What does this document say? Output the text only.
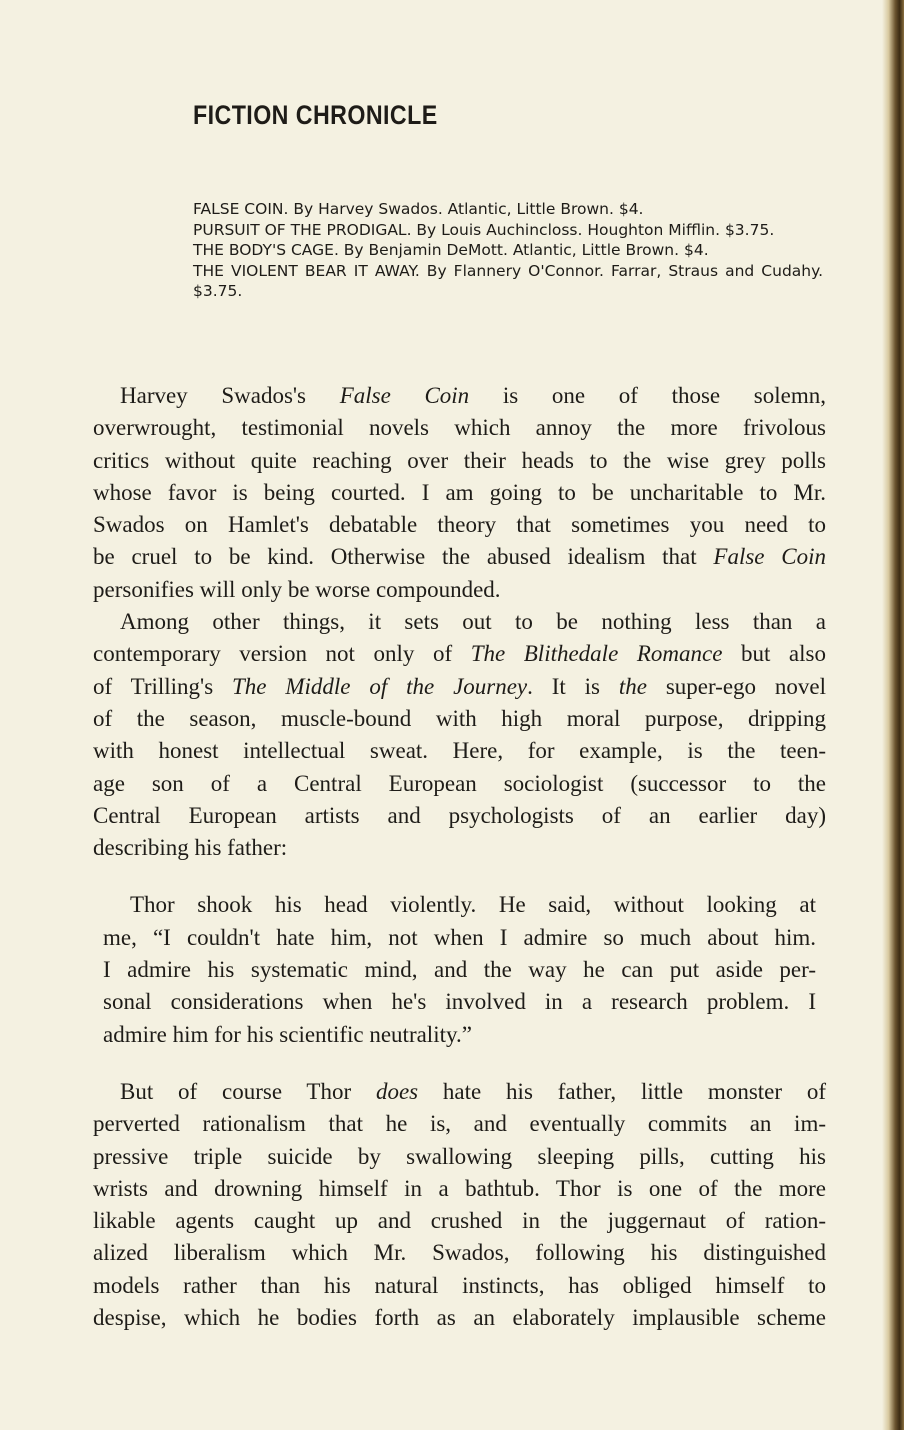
FICTION CHRONICLE
FALSE COIN. By Harvey Swados. Atlantic, Little Brown. $4.
PURSUIT OF THE PRODIGAL. By Louis Auchincloss. Houghton Mifflin. $3.75.
THE BODY'S CAGE. By Benjamin DeMott. Atlantic, Little Brown. $4.
THE VIOLENT BEAR IT AWAY. By Flannery O'Connor. Farrar, Straus and Cudahy. $3.75.
Harvey Swados's False Coin is one of those solemn,
overwrought, testimonial novels which annoy the more frivolous
critics without quite reaching over their heads to the wise grey polls
whose favor is being courted. I am going to be uncharitable to Mr.
Swados on Hamlet's debatable theory that sometimes you need to
be cruel to be kind. Otherwise the abused idealism that False Coin
personifies will only be worse compounded.
Among other things, it sets out to be nothing less than a
contemporary version not only of The Blithedale Romance but also
of Trilling's The Middle of the Journey. It is the super-ego novel
of the season, muscle-bound with high moral purpose, dripping
with honest intellectual sweat. Here, for example, is the teen-
age son of a Central European sociologist (successor to the
Central European artists and psychologists of an earlier day)
describing his father:
Thor shook his head violently. He said, without looking at
me, “I couldn't hate him, not when I admire so much about him.
I admire his systematic mind, and the way he can put aside per-
sonal considerations when he's involved in a research problem. I
admire him for his scientific neutrality.”
But of course Thor does hate his father, little monster of
perverted rationalism that he is, and eventually commits an im-
pressive triple suicide by swallowing sleeping pills, cutting his
wrists and drowning himself in a bathtub. Thor is one of the more
likable agents caught up and crushed in the juggernaut of ration-
alized liberalism which Mr. Swados, following his distinguished
models rather than his natural instincts, has obliged himself to
despise, which he bodies forth as an elaborately implausible scheme
